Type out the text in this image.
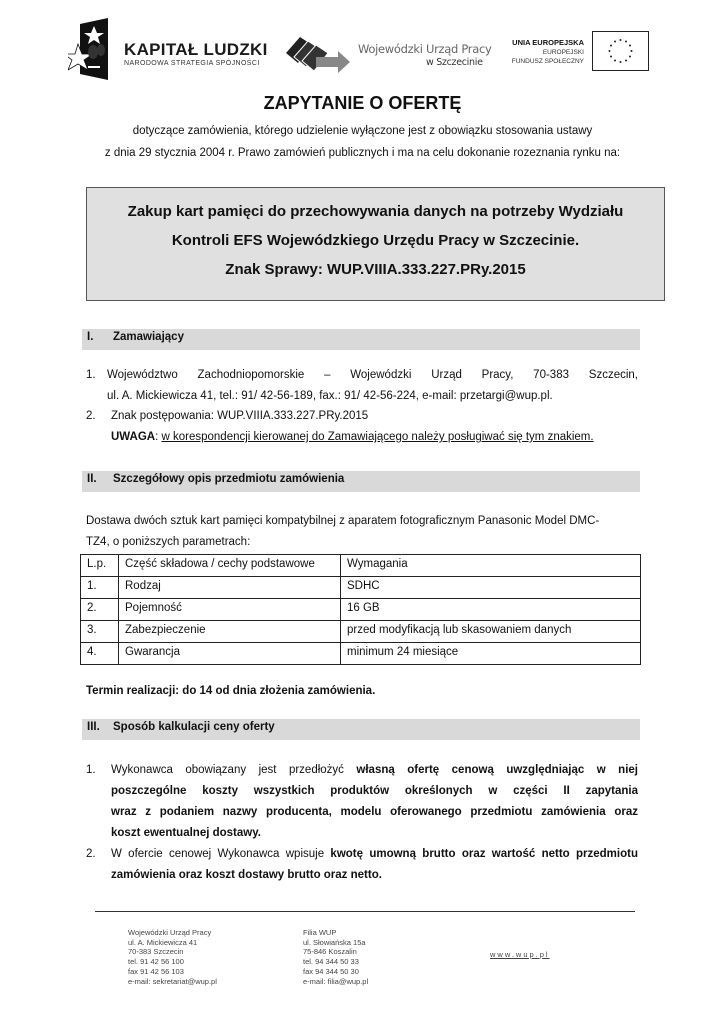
KAPITAŁ LUDZKI
NARODOWA STRATEGIA SPÓJNOŚCI
Wojewódzki Urząd Pracy
w Szczecinie
UNIA EUROPEJSKA
EUROPEJSKI
FUNDUSZ SPOŁECZNY
ZAPYTANIE O OFERTĘ
dotyczące zamówienia, którego udzielenie wyłączone jest z obowiązku stosowania ustawy
z dnia 29 stycznia 2004 r. Prawo zamówień publicznych i ma na celu dokonanie rozeznania rynku na:
Zakup kart pamięci do przechowywania danych na potrzeby Wydziału
Kontroli EFS Wojewódzkiego Urzędu Pracy w Szczecinie.
Znak Sprawy: WUP.VIIIA.333.227.PRy.2015
I. Zamawiający
1. Województwo Zachodniopomorskie – Wojewódzki Urząd Pracy, 70-383 Szczecin,
ul. A. Mickiewicza 41, tel.: 91/ 42-56-189, fax.: 91/ 42-56-224, e-mail: przetargi@wup.pl.
2. Znak postępowania: WUP.VIIIA.333.227.PRy.2015
UWAGA: w korespondencji kierowanej do Zamawiającego należy posługiwać się tym znakiem.
II. Szczegółowy opis przedmiotu zamówienia
Dostawa dwóch sztuk kart pamięci kompatybilnej z aparatem fotograficznym Panasonic Model DMC-
TZ4, o poniższych parametrach:
L.p.	Część składowa / cechy podstawowe	Wymagania
1.	Rodzaj	SDHC
2.	Pojemność	16 GB
3.	Zabezpieczenie	przed modyfikacją lub skasowaniem danych
4.	Gwarancja	minimum 24 miesiące
Termin realizacji: do 14 od dnia złożenia zamówienia.
III. Sposób kalkulacji ceny oferty
1. Wykonawca obowiązany jest przedłożyć własną ofertę cenową uwzględniając w niej
poszczególne koszty wszystkich produktów określonych w części II zapytania
wraz z podaniem nazwy producenta, modelu oferowanego przedmiotu zamówienia oraz
koszt ewentualnej dostawy.
2. W ofercie cenowej Wykonawca wpisuje kwotę umowną brutto oraz wartość netto przedmiotu
zamówienia oraz koszt dostawy brutto oraz netto.
Wojewódzki Urząd Pracy
ul. A. Mickiewicza 41
70-383 Szczecin
tel. 91 42 56 100
fax 91 42 56 103
e-mail: sekretariat@wup.pl
Filia WUP
ul. Słowiańska 15a
75-846 Koszalin
tel. 94 344 50 33
fax 94 344 50 30
e-mail: filia@wup.pl
www.wup.pl
